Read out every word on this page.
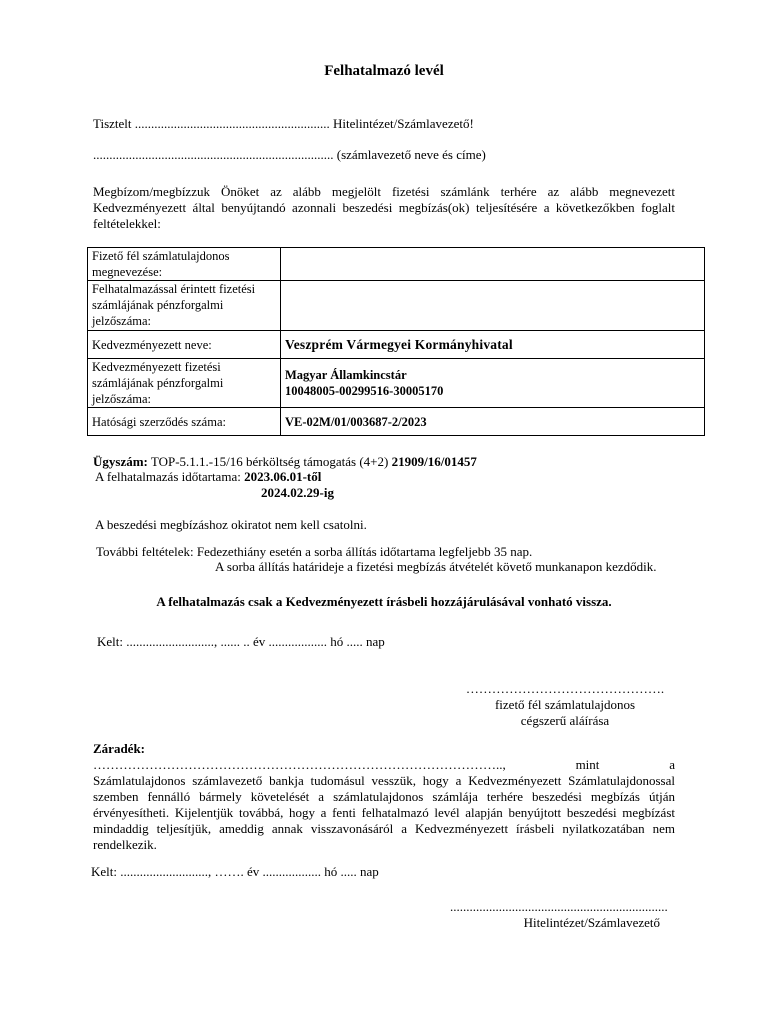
Felhatalmazó levél
Tisztelt ............................................................ Hitelintézet/Számlavezető!
.......................................................................... (számlavezető neve és címe)
Megbízom/megbízzuk Önöket az alább megjelölt fizetési számlánk terhére az alább megnevezett Kedvezményezett által benyújtandó azonnali beszedési megbízás(ok) teljesítésére a következőkben foglalt feltételekkel:
Fizető fél számlatulajdonos megnevezése:	
Felhatalmazással érintett fizetési számlájának pénzforgalmi jelzőszáma:	
Kedvezményezett neve:	Veszprém Vármegyei Kormányhivatal
Kedvezményezett fizetési számlájának pénzforgalmi jelzőszáma:	Magyar Államkincstár
10048005-00299516-30005170

Hatósági szerződés száma:	VE-02M/01/003687-2/2023
Ügyszám: TOP-5.1.1.-15/16 bérköltség támogatás (4+2) 21909/16/01457
A felhatalmazás időtartama: 2023.06.01-től
2024.02.29-ig
A beszedési megbízáshoz okiratot nem kell csatolni.
További feltételek: Fedezethiány esetén a sorba állítás időtartama legfeljebb 35 nap.
A sorba állítás határideje a fizetési megbízás átvételét követő munkanapon kezdődik.
A felhatalmazás csak a Kedvezményezett írásbeli hozzájárulásával vonható vissza.
Kelt: ..........................., ...... .. év .................. hó ..... nap
……………………………………….
fizető fél számlatulajdonos
cégszerű aláírása
Záradék:
…………………………………………………………………………………..,	mint	a
Számlatulajdonos számlavezető bankja tudomásul vesszük, hogy a Kedvezményezett Számlatulajdonossal szemben fennálló bármely követelését a számlatulajdonos számlája terhére beszedési megbízás útján érvényesítheti. Kijelentjük továbbá, hogy a fenti felhatalmazó levél alapján benyújtott beszedési megbízást mindaddig teljesítjük, ameddig annak visszavonásáról a Kedvezményezett írásbeli nyilatkozatában nem rendelkezik.
Kelt: ..........................., ……. év .................. hó ..... nap
...................................................................
Hitelintézet/Számlavezető
